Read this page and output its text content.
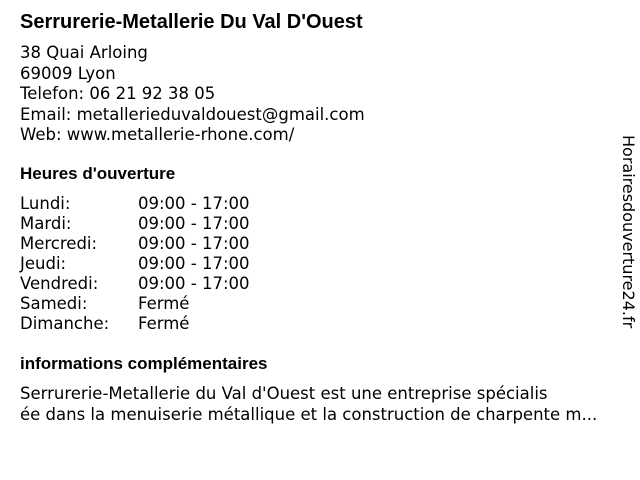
Serrurerie-Metallerie Du Val D'Ouest
38 Quai Arloing
69009 Lyon
Telefon: 06 21 92 38 05
Email: metallerieduvaldouest@gmail.com
Web: www.metallerie-rhone.com/
Heures d'ouverture
Lundi:	09:00 - 17:00
Mardi:	09:00 - 17:00
Mercredi:	09:00 - 17:00
Jeudi:	09:00 - 17:00
Vendredi:	09:00 - 17:00
Samedi:	Fermé
Dimanche:	Fermé
informations complémentaires
Serrurerie-Metallerie du Val d'Ouest est une entreprise spécialis
ée dans la menuiserie métallique et la construction de charpente m...
Horairesdouverture24.fr
